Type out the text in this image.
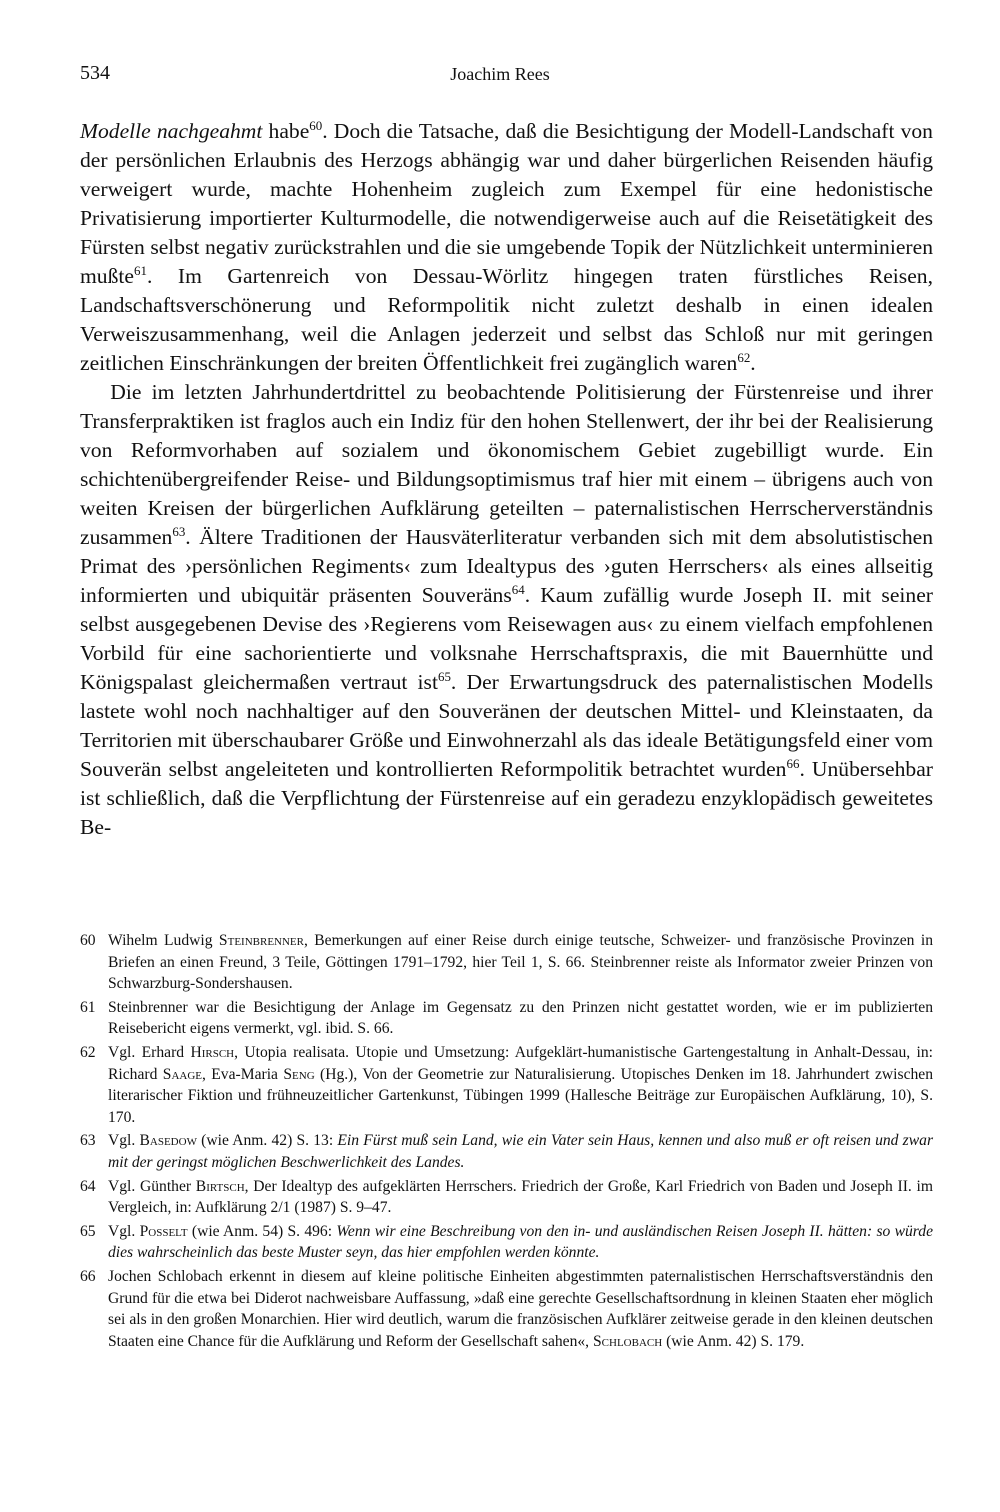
534	Joachim Rees

Modelle nachgeahmt habe$^{60}$. Doch die Tatsache, daß die Besichtigung der Modell-Landschaft von der persönlichen Erlaubnis des Herzogs abhängig war und daher bürgerlichen Reisenden häufig verweigert wurde, machte Hohenheim zugleich zum Exempel für eine hedonistische Privatisierung importierter Kulturmodelle, die notwendigerweise auch auf die Reisetätigkeit des Fürsten selbst negativ zurückstrahlen und die sie umgebende Topik der Nützlichkeit unterminieren mußte$^{61}$. Im Gartenreich von Dessau-Wörlitz hingegen traten fürstliches Reisen, Landschaftsverschönerung und Reformpolitik nicht zuletzt deshalb in einen idealen Verweiszusammenhang, weil die Anlagen jederzeit und selbst das Schloß nur mit geringen zeitlichen Einschränkungen der breiten Öffentlichkeit frei zugänglich waren$^{62}$.

Die im letzten Jahrhundertdrittel zu beobachtende Politisierung der Fürstenreise und ihrer Transferpraktiken ist fraglos auch ein Indiz für den hohen Stellenwert, der ihr bei der Realisierung von Reformvorhaben auf sozialem und ökonomischem Gebiet zugebilligt wurde. Ein schichtenübergreifender Reise- und Bildungsoptimismus traf hier mit einem – übrigens auch von weiten Kreisen der bürgerlichen Aufklärung geteilten – paternalistischen Herrscherverständnis zusammen$^{63}$. Ältere Traditionen der Hausväterliteratur verbanden sich mit dem absolutistischen Primat des ›persönlichen Regiments‹ zum Idealtypus des ›guten Herrschers‹ als eines allseitig informierten und ubiquitär präsenten Souveräns$^{64}$. Kaum zufällig wurde Joseph II. mit seiner selbst ausgegebenen Devise des ›Regierens vom Reisewagen aus‹ zu einem vielfach empfohlenen Vorbild für eine sachorientierte und volksnahe Herrschaftspraxis, die mit Bauernhütte und Königspalast gleichermaßen vertraut ist$^{65}$. Der Erwartungsdruck des paternalistischen Modells lastete wohl noch nachhaltiger auf den Souveränen der deutschen Mittel- und Kleinstaaten, da Territorien mit überschaubarer Größe und Einwohnerzahl als das ideale Betätigungsfeld einer vom Souverän selbst angeleiteten und kontrollierten Reformpolitik betrachtet wurden$^{66}$. Unübersehbar ist schließlich, daß die Verpflichtung der Fürstenreise auf ein geradezu enzyklopädisch geweitetes Be-

60 Wihelm Ludwig Steinbrenner, Bemerkungen auf einer Reise durch einige teutsche, Schweizer- und französische Provinzen in Briefen an einen Freund, 3 Teile, Göttingen 1791–1792, hier Teil 1, S. 66. Steinbrenner reiste als Informator zweier Prinzen von Schwarzburg-Sondershausen.
61 Steinbrenner war die Besichtigung der Anlage im Gegensatz zu den Prinzen nicht gestattet worden, wie er im publizierten Reisebericht eigens vermerkt, vgl. ibid. S. 66.
62 Vgl. Erhard Hirsch, Utopia realisata. Utopie und Umsetzung: Aufgeklärt-humanistische Gartengestaltung in Anhalt-Dessau, in: Richard Saage, Eva-Maria Seng (Hg.), Von der Geometrie zur Naturalisierung. Utopisches Denken im 18. Jahrhundert zwischen literarischer Fiktion und frühneuzeitlicher Gartenkunst, Tübingen 1999 (Hallesche Beiträge zur Europäischen Aufklärung, 10), S. 170.
63 Vgl. Basedow (wie Anm. 42) S. 13: Ein Fürst muß sein Land, wie ein Vater sein Haus, kennen und also muß er oft reisen und zwar mit der geringst möglichen Beschwerlichkeit des Landes.
64 Vgl. Günther Birtsch, Der Idealtyp des aufgeklärten Herrschers. Friedrich der Große, Karl Friedrich von Baden und Joseph II. im Vergleich, in: Aufklärung 2/1 (1987) S. 9–47.
65 Vgl. Posselt (wie Anm. 54) S. 496: Wenn wir eine Beschreibung von den in- und ausländischen Reisen Joseph II. hätten: so würde dies wahrscheinlich das beste Muster seyn, das hier empfohlen werden könnte.
66 Jochen Schlobach erkennt in diesem auf kleine politische Einheiten abgestimmten paternalistischen Herrschaftsverständnis den Grund für die etwa bei Diderot nachweisbare Auffassung, »daß eine gerechte Gesellschaftsordnung in kleinen Staaten eher möglich sei als in den großen Monarchien. Hier wird deutlich, warum die französischen Aufklärer zeitweise gerade in den kleinen deutschen Staaten eine Chance für die Aufklärung und Reform der Gesellschaft sahen«, Schlobach (wie Anm. 42) S. 179.
